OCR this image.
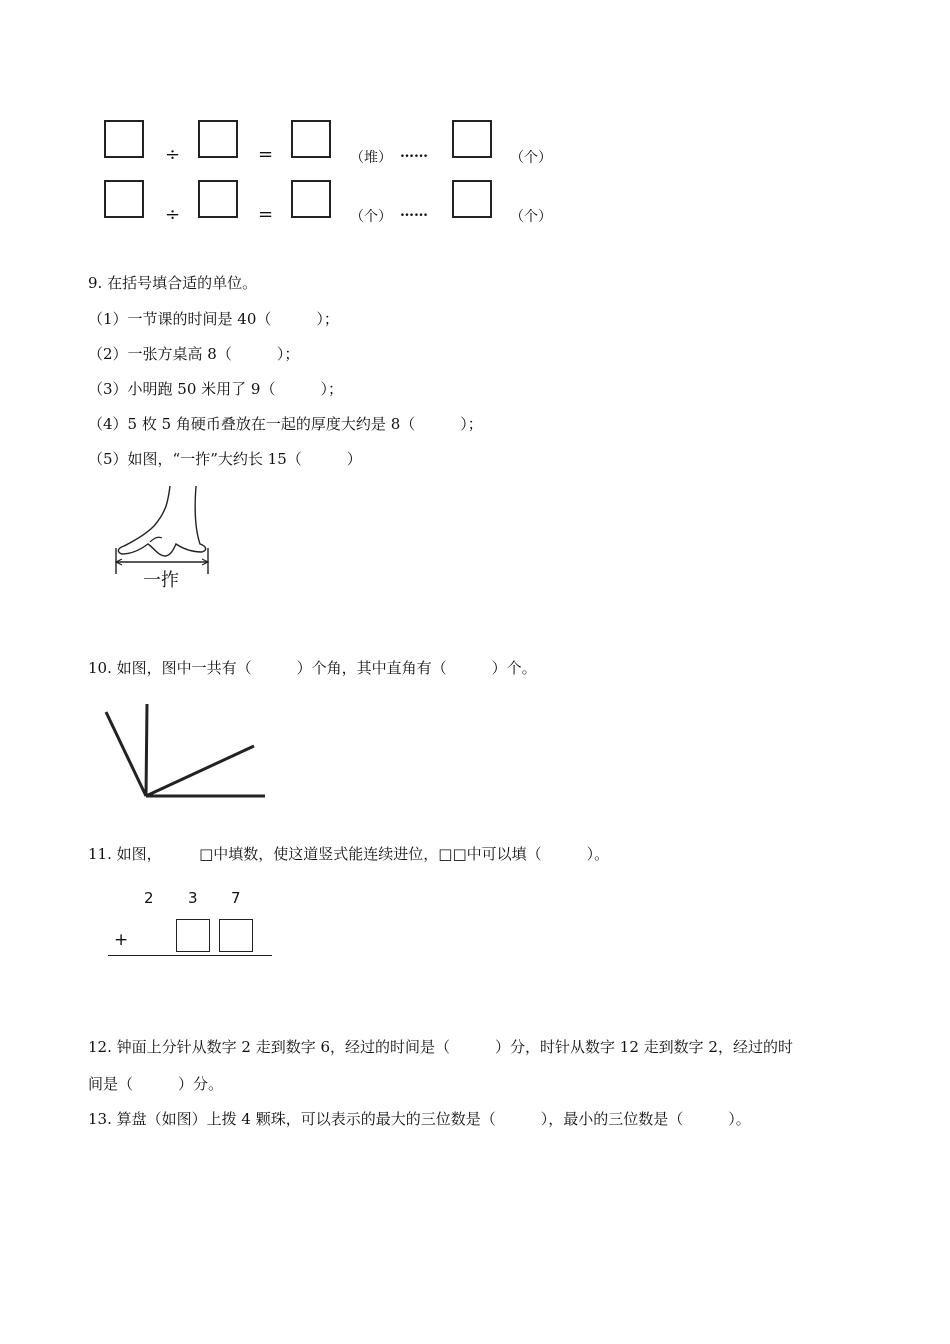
÷	=	（堆） ……	（个）
÷	=	（个） ……	（个）
9. 在括号填合适的单位。
（1）一节课的时间是 40（　　　）；
（2）一张方桌高 8（　　　）；
（3）小明跑 50 米用了 9（　　　）；
（4）5 枚 5 角硬币叠放在一起的厚度大约是 8（　　　）；
（5）如图，“一拃”大约长 15（　　　）
一拃
10. 如图，图中一共有（　　　）个角，其中直角有（　　　）个。
11. 如图，　　　□中填数，使这道竖式能连续进位，□□中可以填（　　　）。
2 3 7
+
12. 钟面上分针从数字 2 走到数字 6，经过的时间是（　　　）分，时针从数字 12 走到数字 2，经过的时
间是（　　　）分。
13. 算盘（如图）上拨 4 颗珠，可以表示的最大的三位数是（　　　），最小的三位数是（　　　）。
